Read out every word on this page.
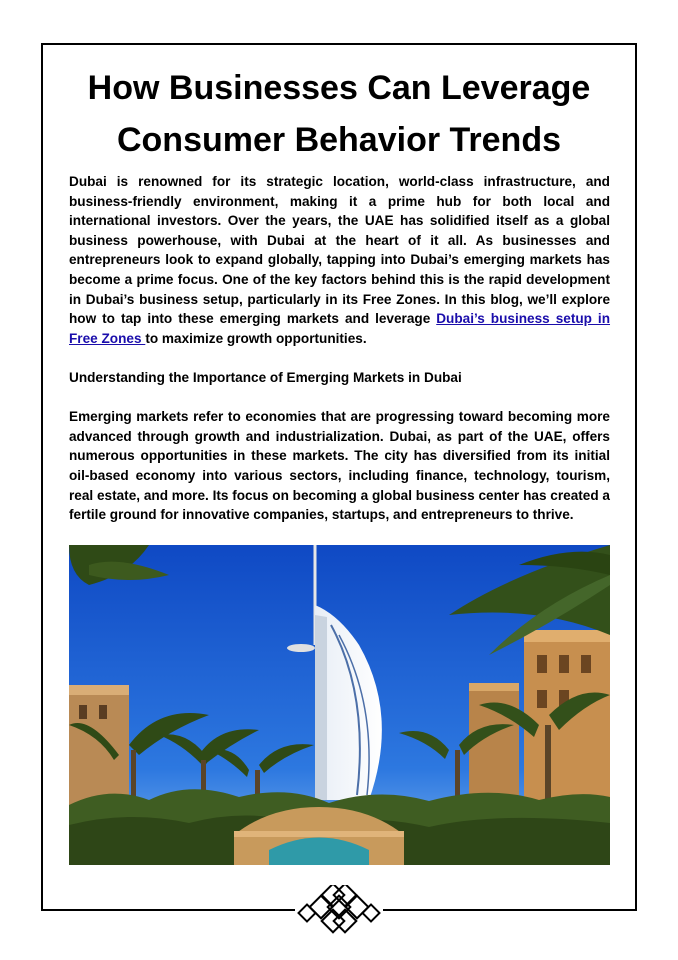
How Businesses Can Leverage
Consumer Behavior Trends

Dubai is renowned for its strategic location, world-class infrastructure, and business-friendly environment, making it a prime hub for both local and international investors. Over the years, the UAE has solidified itself as a global business powerhouse, with Dubai at the heart of it all. As businesses and entrepreneurs look to expand globally, tapping into Dubai’s emerging markets has become a prime focus. One of the key factors behind this is the rapid development in Dubai’s business setup, particularly in its Free Zones. In this blog, we’ll explore how to tap into these emerging markets and leverage Dubai’s business setup in Free Zones to maximize growth opportunities.

Understanding the Importance of Emerging Markets in Dubai

Emerging markets refer to economies that are progressing toward becoming more advanced through growth and industrialization. Dubai, as part of the UAE, offers numerous opportunities in these markets. The city has diversified from its initial oil-based economy into various sectors, including finance, technology, tourism, real estate, and more. Its focus on becoming a global business center has created a fertile ground for innovative companies, startups, and entrepreneurs to thrive.
